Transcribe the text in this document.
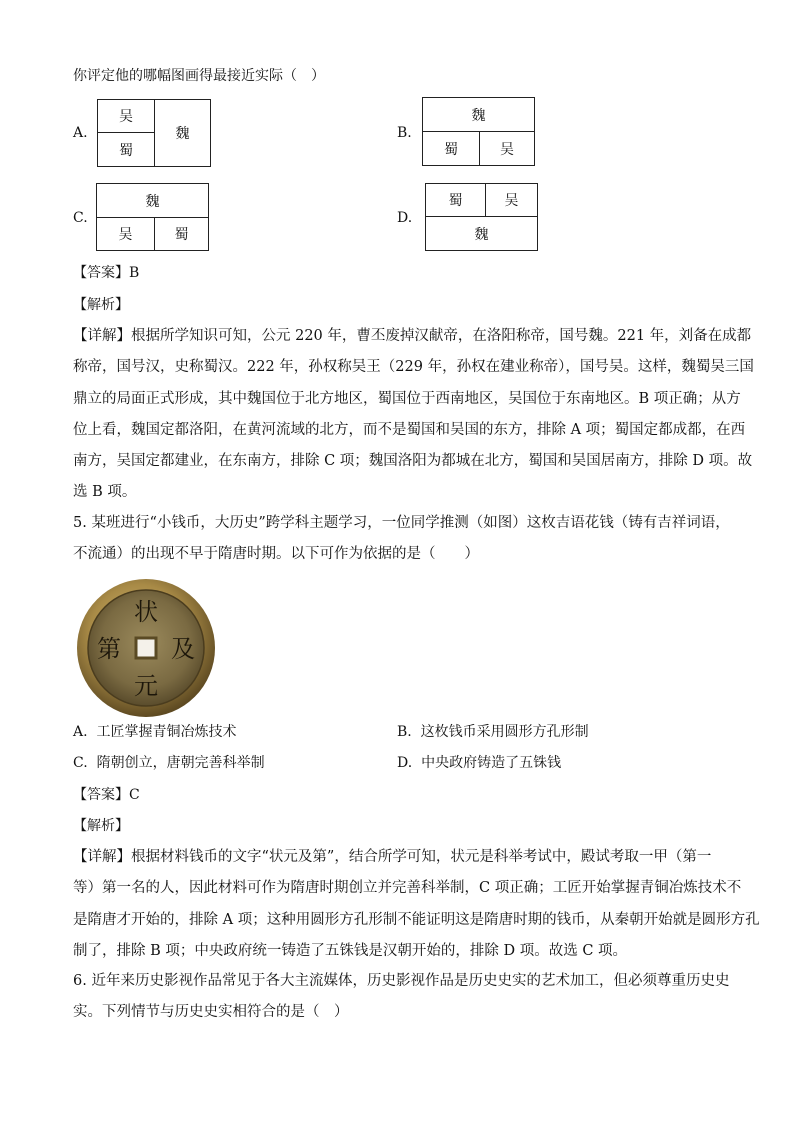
你评定他的哪幅图画得最接近实际（　）
A.
吴
蜀
魏	B.
魏
蜀	吴
C.
魏
吴	蜀
D.
蜀	吴
魏
【答案】B
【解析】
【详解】根据所学知识可知，公元 220 年，曹丕废掉汉献帝，在洛阳称帝，国号魏。221 年，刘备在成都
称帝，国号汉，史称蜀汉。222 年，孙权称吴王（229 年，孙权在建业称帝），国号吴。这样，魏蜀吴三国
鼎立的局面正式形成，其中魏国位于北方地区，蜀国位于西南地区，吴国位于东南地区。B 项正确；从方
位上看，魏国定都洛阳，在黄河流域的北方，而不是蜀国和吴国的东方，排除 A 项；蜀国定都成都，在西
南方，吴国定都建业，在东南方，排除 C 项；魏国洛阳为都城在北方，蜀国和吴国居南方，排除 D 项。故
选 B 项。
5. 某班进行“小钱币，大历史”跨学科主题学习，一位同学推测（如图）这枚吉语花钱（铸有吉祥词语，
不流通）的出现不早于隋唐时期。以下可作为依据的是（　　）
状
元
及
第
A. 工匠掌握青铜冶炼技术	B. 这枚钱币采用圆形方孔形制
C. 隋朝创立，唐朝完善科举制	D. 中央政府铸造了五铢钱
【答案】C
【解析】
【详解】根据材料钱币的文字“状元及第”，结合所学可知，状元是科举考试中，殿试考取一甲（第一
等）第一名的人，因此材料可作为隋唐时期创立并完善科举制，C 项正确；工匠开始掌握青铜冶炼技术不
是隋唐才开始的，排除 A 项；这种用圆形方孔形制不能证明这是隋唐时期的钱币，从秦朝开始就是圆形方孔
制了，排除 B 项；中央政府统一铸造了五铢钱是汉朝开始的，排除 D 项。故选 C 项。
6. 近年来历史影视作品常见于各大主流媒体，历史影视作品是历史史实的艺术加工，但必须尊重历史史
实。下列情节与历史史实相符合的是（　）
